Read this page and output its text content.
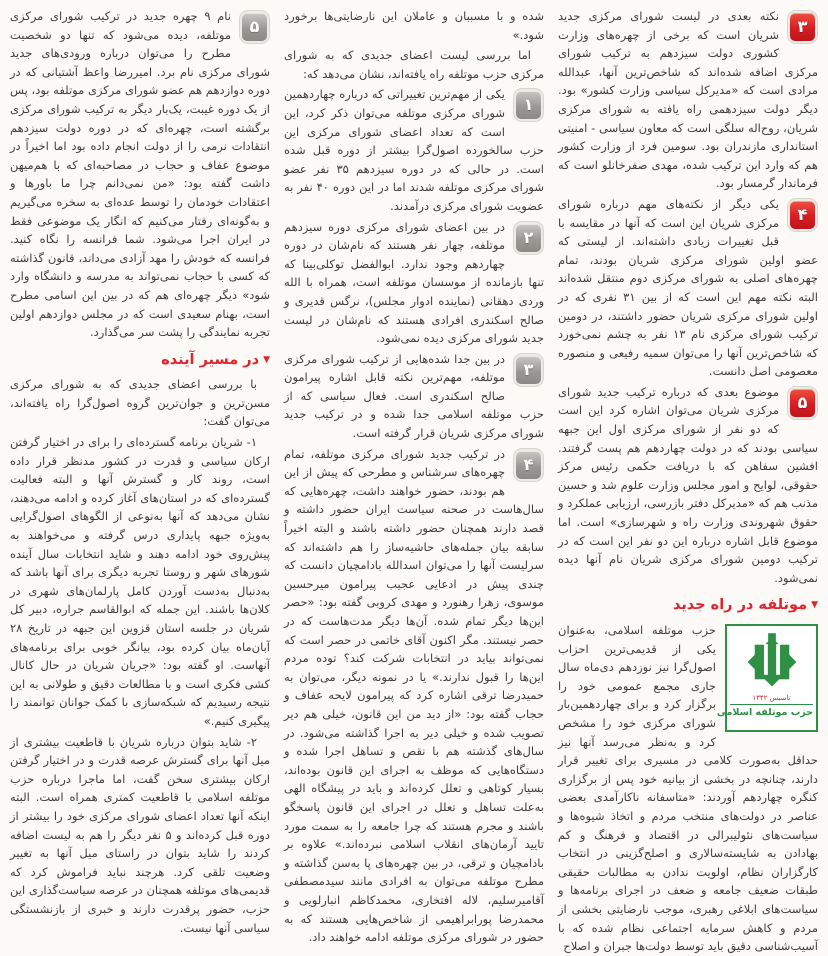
۳
نکته بعدی در لیست شورای مرکزی جدید شریان است که برخی از چهره‌های وزارت کشوری دولت سیزدهم به ترکیب شورای مرکزی اضافه شده‌اند که شاخص‌ترین آنها، عبدالله مرادی است که «مدیرکل سیاسی وزارت کشور» بود. دیگر دولت سیزدهمی راه یافته به شورای مرکزی شریان، روح‌اله سلگی است که معاون سیاسی - امنیتی استانداری مازندران بود. سومین فرد از وزارت کشور هم که وارد این ترکیب شده، مهدی صفرخانلو است که فرماندار گرمسار بود.

۴
یکی دیگر از نکته‌های مهم درباره شورای مرکزی شریان این است که آنها در مقایسه با قبل تغییرات زیادی داشته‌اند. از لیستی که عضو اولین شورای مرکزی شریان بودند، تمام چهره‌های اصلی به شورای مرکزی دوم منتقل شده‌اند البته نکته مهم این است که از بین ۳۱ نفری که در اولین شورای مرکزی شریان حضور داشتند، در دومین ترکیب شورای مرکزی نام ۱۳ نفر به چشم نمی‌خورد که شاخص‌ترین آنها را می‌توان سمیه رفیعی و منصوره معصومی اصل دانست.

۵
موضوع بعدی که درباره ترکیب جدید شورای مرکزی شریان می‌توان اشاره کرد این است که دو نفر از شورای مرکزی اول این جبهه سیاسی بودند که در دولت چهاردهم هم پست گرفتند. افشین سفاهن که با دریافت حکمی رئیس مرکز حقوقی، لوایح و امور مجلس وزارت علوم شد و حسین مذنب هم که «مدیرکل دفتر بازرسی، ارزیابی عملکرد و حقوق شهروندی وزارت راه و شهرسازی» است. اما موضوع قابل اشاره درباره این دو نفر این است که در ترکیب دومین شورای مرکزی شریان نام آنها دیده نمی‌شود.

▼موتلفه در راه جدید

تاسیس ۱۳۴۲
حزب موتلفه اسلامی
حزب موتلفه اسلامی، به‌عنوان یکی از قدیمی‌ترین احزاب اصول‌گرا نیز نوزدهم دی‌ماه سال جاری مجمع عمومی خود را برگزار کرد و برای چهاردهمین‌بار شورای مرکزی خود را مشخص کرد و به‌نظر می‌رسد آنها نیز حداقل به‌صورت کلامی در مسیری برای تغییر قرار دارند، چنانچه در بخشی از بیانیه خود پس از برگزاری کنگره چهاردهم آوردند: «متاسفانه ناکارآمدی بعضی عناصر در دولت‌های منتخب مردم و اتخاذ شیوه‌ها و سیاست‌های نئولیبرالی در اقتصاد و فرهنگ و کم بهادادن به شایسته‌سالاری و اصلح‌گزینی در انتخاب کارگزاران نظام، اولویت ندادن به مطالبات حقیقی طبقات ضعیف جامعه و ضعف در اجرای برنامه‌ها و سیاست‌های ابلاغی رهبری، موجب نارضایتی بخشی از مردم و کاهش سرمایه اجتماعی نظام شده که با آسیب‌شناسی دقیق باید توسط دولت‌ها جبران و اصلاح

شده و با مسببان و عاملان این نارضایتی‌ها برخورد شود.»

اما بررسی لیست اعضای جدیدی که به شورای مرکزی حزب موتلفه راه یافته‌اند، نشان می‌دهد که:

۱
یکی از مهم‌ترین تغییراتی که درباره چهاردهمین شورای مرکزی موتلفه می‌توان ذکر کرد، این است که تعداد اعضای شورای مرکزی این حزب سالخورده اصول‌گرا بیشتر از دوره قبل شده است. در حالی که در دوره سیزدهم ۳۵ نفر عضو شورای مرکزی موتلفه شدند اما در این دوره ۴۰ نفر به عضویت شورای مرکزی درآمدند.

۲
در بین اعضای شورای مرکزی دوره سیزدهم موتلفه، چهار نفر هستند که نام‌شان در دوره چهاردهم وجود ندارد. ابوالفضل توکلی‌بینا که تنها بازمانده از موسسان موتلفه است، همراه با الله وردی دهقانی (نماینده ادوار مجلس)، نرگس قدیری و صالح اسکندری افرادی هستند که نام‌شان در لیست جدید شورای مرکزی دیده نمی‌شود.

۳
در بین جدا شده‌هایی از ترکیب شورای مرکزی موتلفه، مهم‌ترین نکته قابل اشاره پیرامون صالح اسکندری است. فعال سیاسی که از حزب موتلفه اسلامی جدا شده و در ترکیب جدید شورای مرکزی شریان قرار گرفته است.

۴
در ترکیب جدید شورای مرکزی موتلفه، تمام چهره‌های سرشناس و مطرحی که پیش از این هم بودند، حضور خواهند داشت، چهره‌هایی که سال‌هاست در صحنه سیاست ایران حضور داشته و قصد دارند همچنان حضور داشته باشند و البته اخیراً سابقه بیان جمله‌های حاشیه‌ساز را هم داشته‌اند که سرلیست آنها را می‌توان اسدالله بادامچیان دانست که چندی پیش در ادعایی عجیب پیرامون میرحسین موسوی، زهرا رهنورد و مهدی کروبی گفته بود: «حصر این‌ها دیگر تمام شده. آن‌ها دیگر مدت‌هاست که در حصر نیستند. مگر اکنون آقای خاتمی در حصر است که نمی‌تواند بیاید در انتخابات شرکت کند؟ توده مردم این‌ها را قبول ندارند.» یا در نمونه دیگر، می‌توان به حمیدرضا ترقی اشاره کرد که پیرامون لایحه عفاف و حجاب گفته بود: «از دید من این قانون، خیلی هم دیر تصویب شده و خیلی دیر به اجرا گذاشته می‌شود. در سال‌های گذشته هم با نقص و تساهل اجرا شده و دستگاه‌هایی که موظف به اجرای این قانون بوده‌اند، بسیار کوتاهی و تعلل کرده‌اند و باید در پیشگاه الهی به‌علت تساهل و تعلل در اجرای این قانون پاسخگو باشند و مجرم هستند که چرا جامعه را به سمت مورد تایید آرمان‌های انقلاب اسلامی نبرده‌اند.» علاوه بر بادامچیان و ترقی، در بین چهره‌های پا به‌سن گذاشته و مطرح موتلفه می‌توان به افرادی مانند سیدمصطفی آقامیرسلیم، لاله افتخاری، محمدکاظم انبارلویی و محمدرضا پورابراهیمی از شاخص‌هایی هستند که به حضور در شورای مرکزی موتلفه ادامه خواهند داد.

۵
نام ۹ چهره جدید در ترکیب شورای مرکزی موتلفه، دیده می‌شود که تنها دو شخصیت مطرح را می‌توان درباره ورودی‌های جدید شورای مرکزی نام برد. امیررضا واعظ آشتیانی که در دوره دوازدهم هم عضو شورای مرکزی موتلفه بود، پس از یک دوره غیبت، یک‌بار دیگر به ترکیب شورای مرکزی برگشته است، چهره‌ای که در دوره دولت سیزدهم انتقادات نرمی را از دولت انجام داده بود اما اخیراً در موضوع عفاف و حجاب در مصاحبه‌ای که با هم‌میهن داشت گفته بود: «من نمی‌دانم چرا ما باورها و اعتقادات خودمان را توسط عده‌ای به سخره می‌گیریم و به‌گونه‌ای رفتار می‌کنیم که انگار یک موضوعی فقط در ایران اجرا می‌شود. شما فرانسه را نگاه کنید. فرانسه که خودش را مهد آزادی می‌داند، قانون گذاشته که کسی با حجاب نمی‌تواند به مدرسه و دانشگاه وارد شود» دیگر چهره‌ای هم که در بین این اسامی مطرح است، بهنام سعیدی است که در مجلس دوازدهم اولین تجربه نمایندگی را پشت سر می‌گذارد.

▼در مسیر آینده

با بررسی اعضای جدیدی که به شورای مرکزی مسن‌ترین و جوان‌ترین گروه اصول‌گرا راه یافته‌اند، می‌توان گفت:

۱- شریان برنامه گسترده‌ای را برای در اختیار گرفتن ارکان سیاسی و قدرت در کشور مدنظر قرار داده است، روند کار و گسترش آنها و البته فعالیت گسترده‌ای که در استان‌های آغاز کرده و ادامه می‌دهند، نشان می‌دهد که آنها به‌نوعی از الگوهای اصول‌گرایی به‌ویژه جبهه پایداری درس گرفته و می‌خواهند به پیش‌روی خود ادامه دهند و شاید انتخابات سال آینده شورهای شهر و روستا تجربه دیگری برای آنها باشد که به‌دنبال به‌دست آوردن کامل پارلمان‌های شهری در کلان‌ها باشند. این جمله که ابوالقاسم جراره، دبیر کل شریان در جلسه استان قزوین این جبهه در تاریخ ۲۸ آبان‌ماه بیان کرده بود، بیانگر خوبی برای برنامه‌های آنهاست. او گفته بود: «جریان شریان در حال کانال کشی فکری است و با مطالعات دقیق و طولانی به این نتیجه رسیدیم که شبکه‌سازی با کمک جوانان توانمند را پیگیری کنیم.»

۲- شاید بتوان درباره شریان با قاطعیت بیشتری از میل آنها برای گسترش عرصه قدرت و در اختیار گرفتن ارکان بیشتری سخن گفت، اما ماجرا درباره حزب موتلفه اسلامی با قاطعیت کمتری همراه است. البته اینکه آنها تعداد اعضای شورای مرکزی خود را بیشتر از دوره قبل کرده‌اند و ۵ نفر دیگر را هم به لیست اضافه کردند را شاید بتوان در راستای میل آنها به تغییر وضعیت تلقی کرد. هرچند نباید فراموش کرد که قدیمی‌های موتلفه همچنان در عرصه سیاست‌گذاری این حزب، حضور پرقدرت دارند و خبری از بازنشستگی سیاسی آنها نیست.
